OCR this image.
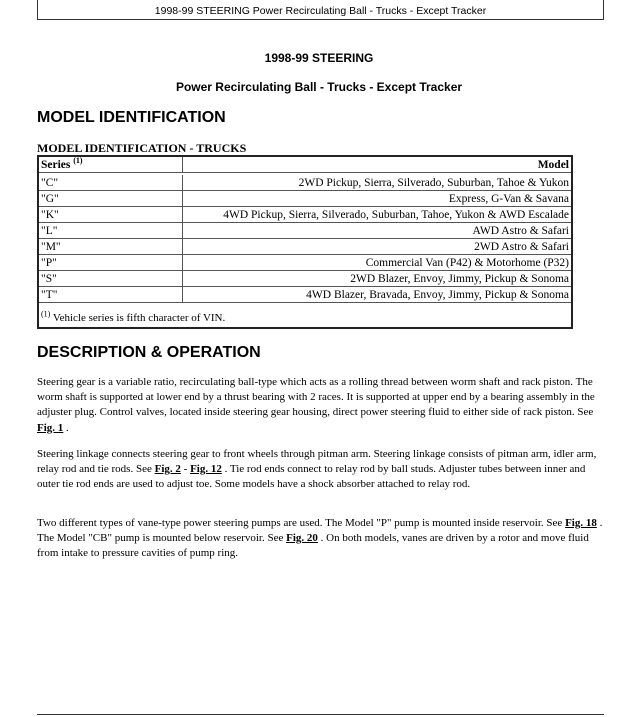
1998-99 STEERING Power Recirculating Ball - Trucks - Except Tracker
1998-99 STEERING
Power Recirculating Ball - Trucks - Except Tracker
MODEL IDENTIFICATION
MODEL IDENTIFICATION - TRUCKS
Series $^{(1)}$	Model
"C"	2WD Pickup, Sierra, Silverado, Suburban, Tahoe & Yukon
"G"	Express, G-Van & Savana
"K"	4WD Pickup, Sierra, Silverado, Suburban, Tahoe, Yukon & AWD Escalade
"L"	AWD Astro & Safari
"M"	2WD Astro & Safari
"P"	Commercial Van (P42) & Motorhome (P32)
"S"	2WD Blazer, Envoy, Jimmy, Pickup & Sonoma
"T"	4WD Blazer, Bravada, Envoy, Jimmy, Pickup & Sonoma
$^{(1)}$ Vehicle series is fifth character of VIN.
DESCRIPTION & OPERATION
Steering gear is a variable ratio, recirculating ball-type which acts as a rolling thread between worm shaft and rack piston. The worm shaft is supported at lower end by a thrust bearing with 2 races. It is supported at upper end by a bearing assembly in the adjuster plug. Control valves, located inside steering gear housing, direct power steering fluid to either side of rack piston. See Fig. 1 .
Steering linkage connects steering gear to front wheels through pitman arm. Steering linkage consists of pitman arm, idler arm, relay rod and tie rods. See Fig. 2 - Fig. 12 . Tie rod ends connect to relay rod by ball studs. Adjuster tubes between inner and outer tie rod ends are used to adjust toe. Some models have a shock absorber attached to relay rod.
Two different types of vane-type power steering pumps are used. The Model "P" pump is mounted inside reservoir. See Fig. 18 . The Model "CB" pump is mounted below reservoir. See Fig. 20 . On both models, vanes are driven by a rotor and move fluid from intake to pressure cavities of pump ring.
